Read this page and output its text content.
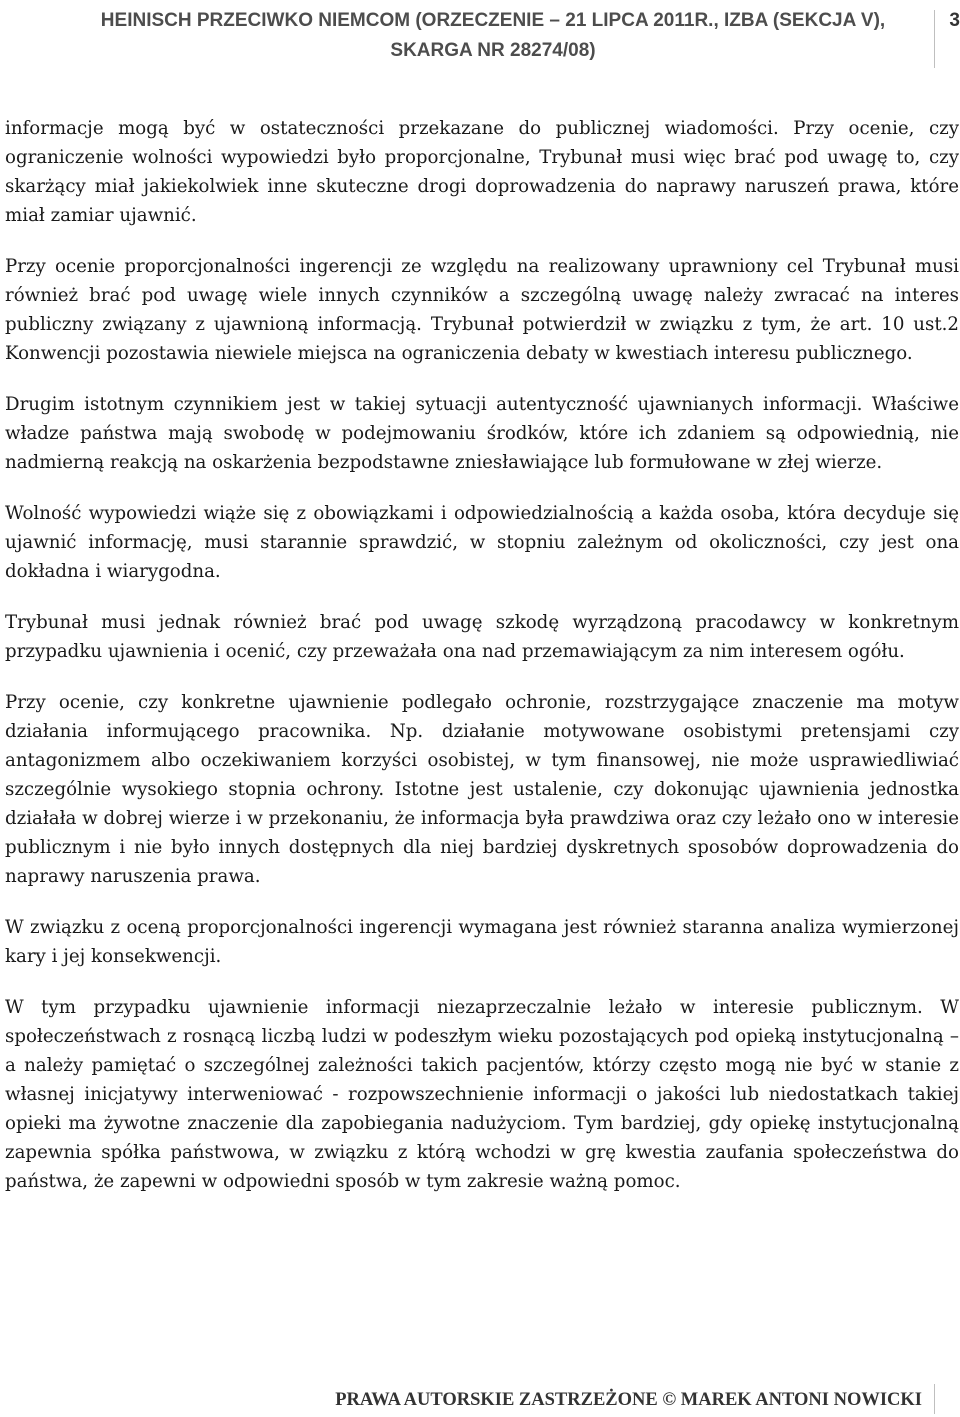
HEINISCH PRZECIWKO NIEMCOM (ORZECZENIE – 21 LIPCA 2011R., IZBA (SEKCJA V), SKARGA NR 28274/08)
3

informacje mogą być w ostateczności przekazane do publicznej wiadomości. Przy ocenie, czy ograniczenie wolności wypowiedzi było proporcjonalne, Trybunał musi więc brać pod uwagę to, czy skarżący miał jakiekolwiek inne skuteczne drogi doprowadzenia do naprawy naruszeń prawa, które miał zamiar ujawnić.

Przy ocenie proporcjonalności ingerencji ze względu na realizowany uprawniony cel Trybunał musi również brać pod uwagę wiele innych czynników a szczególną uwagę należy zwracać na interes publiczny związany z ujawnioną informacją. Trybunał potwierdził w związku z tym, że art. 10 ust.2 Konwencji pozostawia niewiele miejsca na ograniczenia debaty w kwestiach interesu publicznego.

Drugim istotnym czynnikiem jest w takiej sytuacji autentyczność ujawnianych informacji. Właściwe władze państwa mają swobodę w podejmowaniu środków, które ich zdaniem są odpowiednią, nie nadmierną reakcją na oskarżenia bezpodstawne zniesławiające lub formułowane w złej wierze.

Wolność wypowiedzi wiąże się z obowiązkami i odpowiedzialnością a każda osoba, która decyduje się ujawnić informację, musi starannie sprawdzić, w stopniu zależnym od okoliczności, czy jest ona dokładna i wiarygodna.

Trybunał musi jednak również brać pod uwagę szkodę wyrządzoną pracodawcy w konkretnym przypadku ujawnienia i ocenić, czy przeważała ona nad przemawiającym za nim interesem ogółu.

Przy ocenie, czy konkretne ujawnienie podlegało ochronie, rozstrzygające znaczenie ma motyw działania informującego pracownika. Np. działanie motywowane osobistymi pretensjami czy antagonizmem albo oczekiwaniem korzyści osobistej, w tym finansowej, nie może usprawiedliwiać szczególnie wysokiego stopnia ochrony. Istotne jest ustalenie, czy dokonując ujawnienia jednostka działała w dobrej wierze i w przekonaniu, że informacja była prawdziwa oraz czy leżało ono w interesie publicznym i nie było innych dostępnych dla niej bardziej dyskretnych sposobów doprowadzenia do naprawy naruszenia prawa.

W związku z oceną proporcjonalności ingerencji wymagana jest również staranna analiza wymierzonej kary i jej konsekwencji.

W tym przypadku ujawnienie informacji niezaprzeczalnie leżało w interesie publicznym. W społeczeństwach z rosnącą liczbą ludzi w podeszłym wieku pozostających pod opieką instytucjonalną – a należy pamiętać o szczególnej zależności takich pacjentów, którzy często mogą nie być w stanie z własnej inicjatywy interweniować - rozpowszechnienie informacji o jakości lub niedostatkach takiej opieki ma żywotne znaczenie dla zapobiegania nadużyciom. Tym bardziej, gdy opiekę instytucjonalną zapewnia spółka państwowa, w związku z którą wchodzi w grę kwestia zaufania społeczeństwa do państwa, że zapewni w odpowiedni sposób w tym zakresie ważną pomoc.

PRAWA AUTORSKIE ZASTRZEŻONE © MAREK ANTONI NOWICKI
